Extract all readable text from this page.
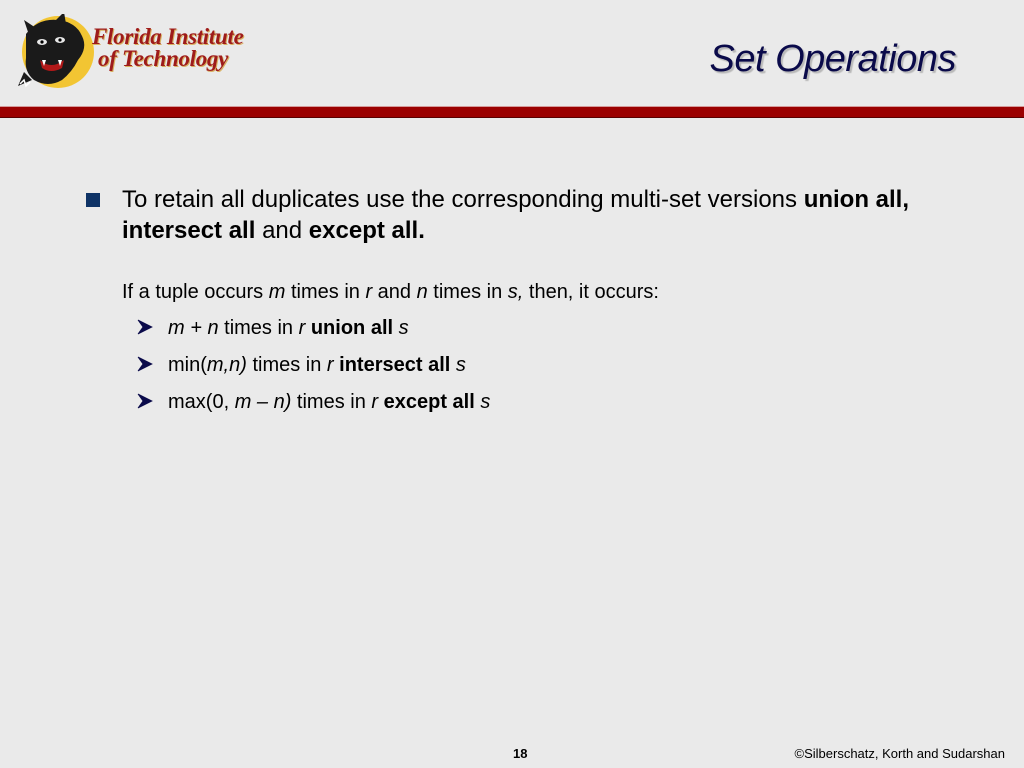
Florida Institute
of Technology	Set Operations
To retain all duplicates use the corresponding multi-set versions union all, intersect all and except all.
If a tuple occurs m times in r and n times in s, then, it occurs:
m + n times in r union all s
min(m,n) times in r intersect all s
max(0, m – n) times in r except all s
18	©Silberschatz, Korth and Sudarshan
